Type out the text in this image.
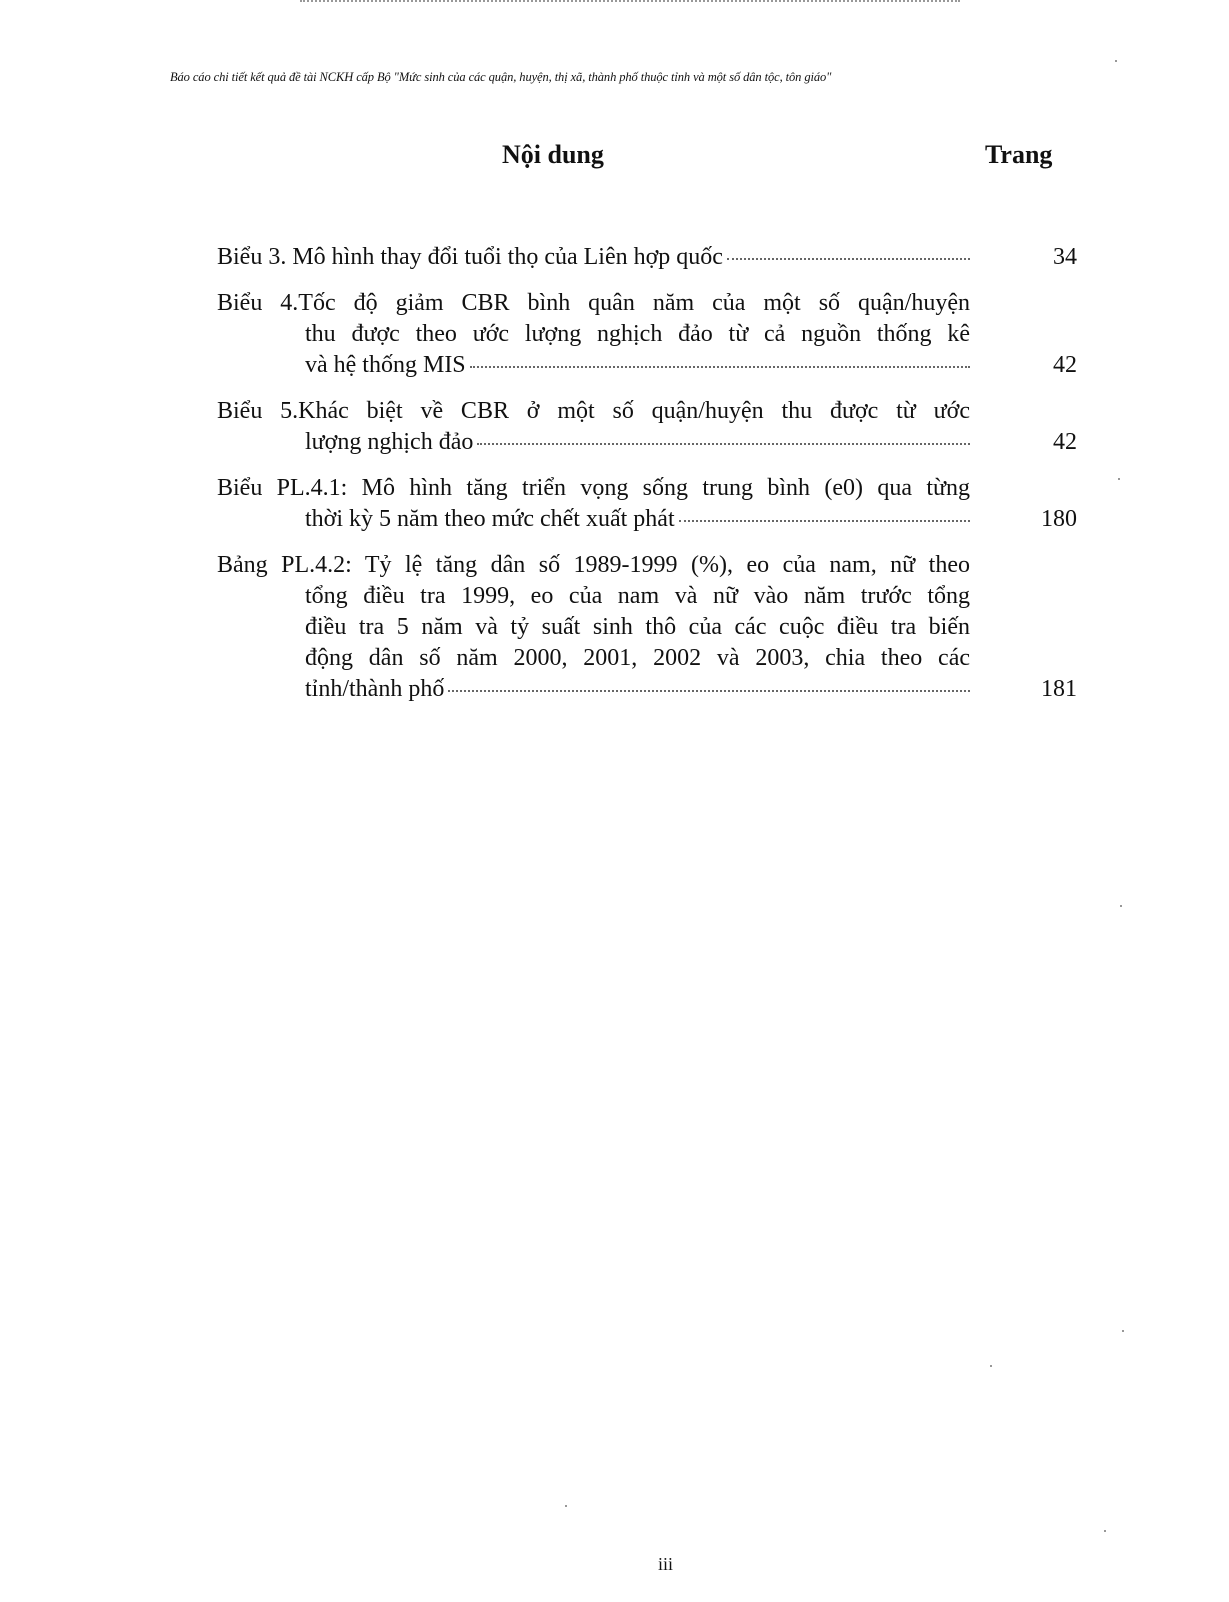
Báo cáo chi tiết kết quả đề tài NCKH cấp Bộ "Mức sinh của các quận, huyện, thị xã, thành phố thuộc tỉnh và một số dân tộc, tôn giáo"
Nội dung	Trang
Biểu 3. Mô hình thay đổi tuổi thọ của Liên hợp quốc	34
Biểu 4.Tốc độ giảm CBR bình quân năm của một số quận/huyện
thu được theo ước lượng nghịch đảo từ cả nguồn thống kê
và hệ thống MIS	42
Biểu 5.Khác biệt về CBR ở một số quận/huyện thu được từ ước
lượng nghịch đảo	42
Biểu PL.4.1: Mô hình tăng triển vọng sống trung bình (e0) qua từng
thời kỳ 5 năm theo mức chết xuất phát	180
Bảng PL.4.2: Tỷ lệ tăng dân số 1989-1999 (%), eo của nam, nữ theo
tổng điều tra 1999, eo của nam và nữ vào năm trước tổng
điều tra 5 năm và tỷ suất sinh thô của các cuộc điều tra biến
động dân số năm 2000, 2001, 2002 và 2003, chia theo các
tỉnh/thành phố	181
iii
